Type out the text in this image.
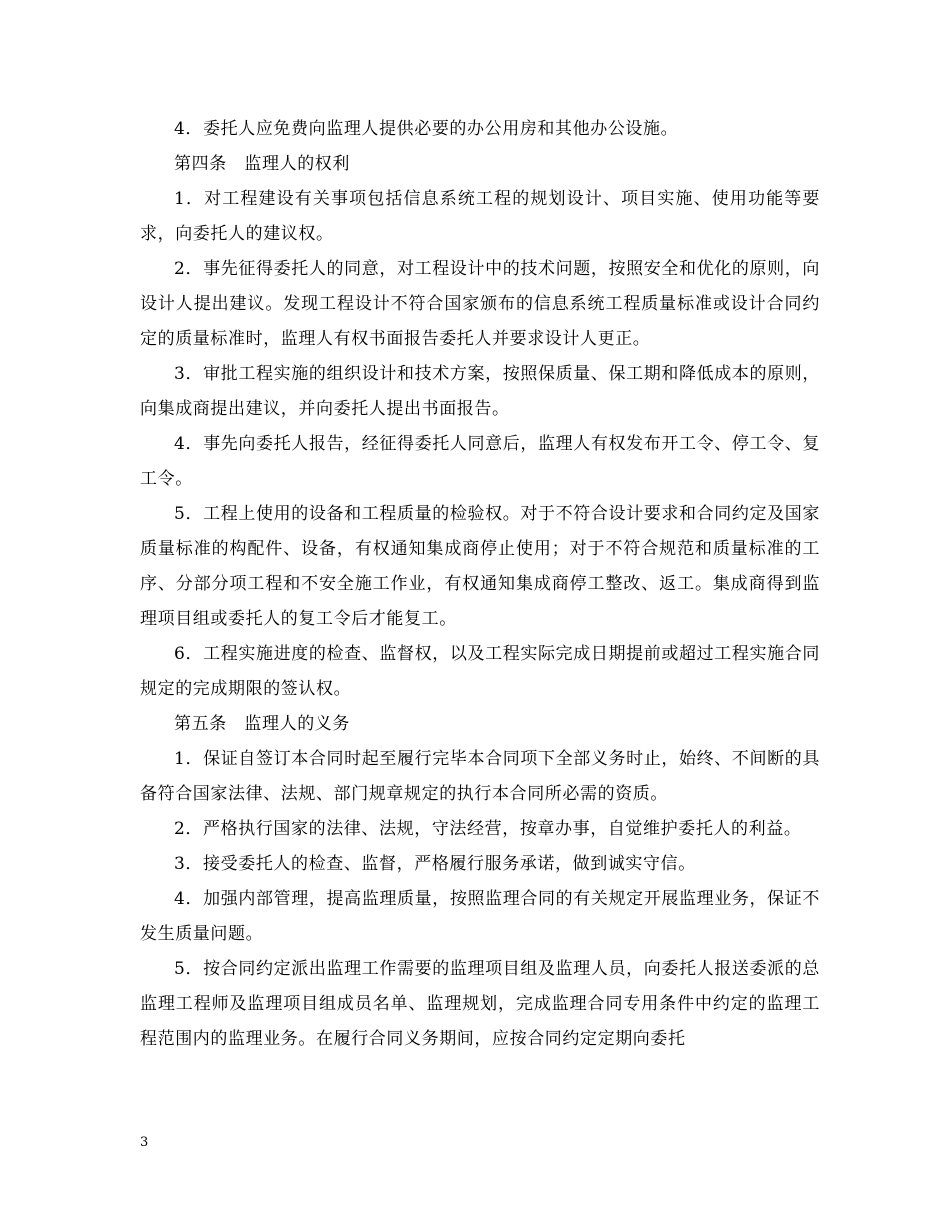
4．委托人应免费向监理人提供必要的办公用房和其他办公设施。

第四条　监理人的权利

1．对工程建设有关事项包括信息系统工程的规划设计、项目实施、使用功能等要求，向委托人的建议权。

2．事先征得委托人的同意，对工程设计中的技术问题，按照安全和优化的原则，向设计人提出建议。发现工程设计不符合国家颁布的信息系统工程质量标准或设计合同约定的质量标准时，监理人有权书面报告委托人并要求设计人更正。

3．审批工程实施的组织设计和技术方案，按照保质量、保工期和降低成本的原则，向集成商提出建议，并向委托人提出书面报告。

4．事先向委托人报告，经征得委托人同意后，监理人有权发布开工令、停工令、复工令。

5．工程上使用的设备和工程质量的检验权。对于不符合设计要求和合同约定及国家质量标准的构配件、设备，有权通知集成商停止使用；对于不符合规范和质量标准的工序、分部分项工程和不安全施工作业，有权通知集成商停工整改、返工。集成商得到监理项目组或委托人的复工令后才能复工。

6．工程实施进度的检查、监督权，以及工程实际完成日期提前或超过工程实施合同规定的完成期限的签认权。

第五条　监理人的义务

1．保证自签订本合同时起至履行完毕本合同项下全部义务时止，始终、不间断的具备符合国家法律、法规、部门规章规定的执行本合同所必需的资质。

2．严格执行国家的法律、法规，守法经营，按章办事，自觉维护委托人的利益。

3．接受委托人的检查、监督，严格履行服务承诺，做到诚实守信。

4．加强内部管理，提高监理质量，按照监理合同的有关规定开展监理业务，保证不发生质量问题。

5．按合同约定派出监理工作需要的监理项目组及监理人员，向委托人报送委派的总监理工程师及监理项目组成员名单、监理规划，完成监理合同专用条件中约定的监理工程范围内的监理业务。在履行合同义务期间，应按合同约定定期向委托

3
